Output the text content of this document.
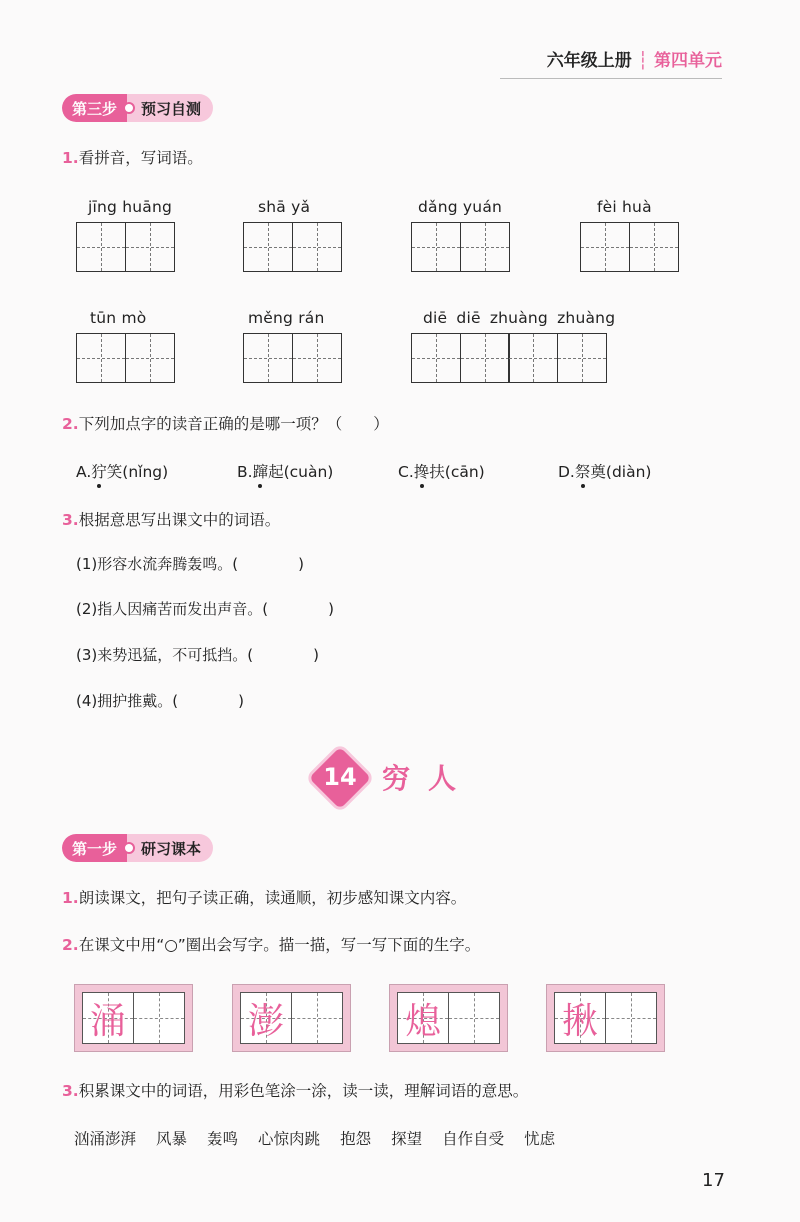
六年级上册 ┆ 第四单元
第三步	预习自测
1.看拼音，写词语。
jīng huāng	shā yǎ	dǎng yuán	fèi huà
tūn mò	měng rán	diē diē zhuàng zhuàng
2.下列加点字的读音正确的是哪一项？（　　）
A.狞笑(nǐng)	B.蹿起(cuàn)	C.搀扶(cān)	D.祭奠(diàn)
3.根据意思写出课文中的词语。
(1)形容水流奔腾轰鸣。(　　　　)
(2)指人因痛苦而发出声音。(　　　　)
(3)来势迅猛，不可抵挡。(　　　　)
(4)拥护推戴。(　　　　)
14 穷人
第一步	研习课本
1.朗读课文，把句子读正确，读通顺，初步感知课文内容。
2.在课文中用“○”圈出会写字。描一描，写一写下面的生字。
涌	澎	熄	揪
3.积累课文中的词语，用彩色笔涂一涂，读一读，理解词语的意思。
汹涌澎湃 风暴 轰鸣 心惊肉跳 抱怨 探望 自作自受 忧虑
17
